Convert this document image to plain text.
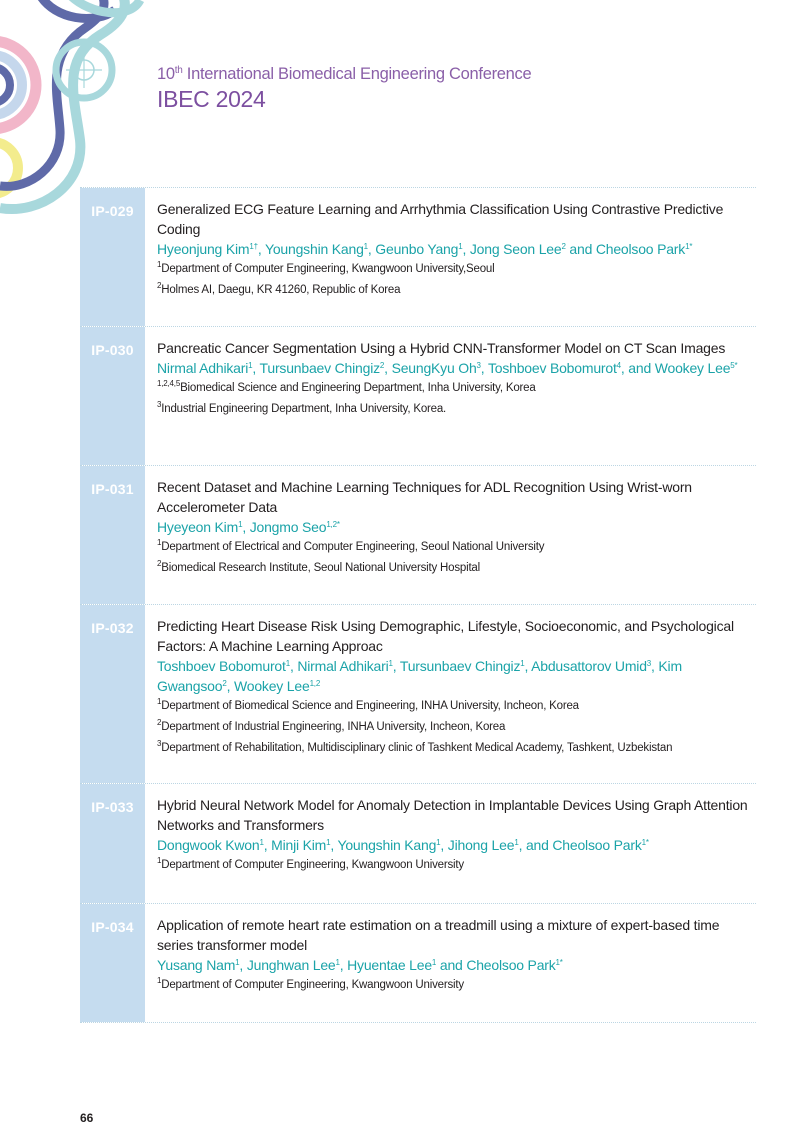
10th International Biomedical Engineering Conference
IBEC 2024
IP-029	Generalized ECG Feature Learning and Arrhythmia Classification Using Contrastive Predictive Coding
Hyeonjung Kim$^{1\dagger}$, Youngshin Kang$^1$, Geunbo Yang$^1$, Jong Seon Lee$^2$ and Cheolsoo Park$^{1*}$
$^1$Department of Computer Engineering, Kwangwoon University,Seoul
$^2$Holmes AI, Daegu, KR 41260, Republic of Korea
IP-030	Pancreatic Cancer Segmentation Using a Hybrid CNN-Transformer Model on CT Scan Images
Nirmal Adhikari$^1$, Tursunbaev Chingiz$^2$, SeungKyu Oh$^3$, Toshboev Bobomurot$^4$, and Wookey Lee$^{5*}$
$^{1,2,4,5}$Biomedical Science and Engineering Department, Inha University, Korea
$^3$Industrial Engineering Department, Inha University, Korea.
IP-031	Recent Dataset and Machine Learning Techniques for ADL Recognition Using Wrist-worn Accelerometer Data
Hyeyeon Kim$^1$, Jongmo Seo$^{1,2*}$
$^1$Department of Electrical and Computer Engineering, Seoul National University
$^2$Biomedical Research Institute, Seoul National University Hospital
IP-032	Predicting Heart Disease Risk Using Demographic, Lifestyle, Socioeconomic, and Psychological Factors: A Machine Learning Approac
Toshboev Bobomurot$^1$, Nirmal Adhikari$^1$, Tursunbaev Chingiz$^1$, Abdusattorov Umid$^3$, Kim Gwangsoo$^2$, Wookey Lee$^{1,2}$
$^1$Department of Biomedical Science and Engineering, INHA University, Incheon, Korea
$^2$Department of Industrial Engineering, INHA University, Incheon, Korea
$^3$Department of Rehabilitation, Multidisciplinary clinic of Tashkent Medical Academy, Tashkent, Uzbekistan
IP-033	Hybrid Neural Network Model for Anomaly Detection in Implantable Devices Using Graph Attention Networks and Transformers
Dongwook Kwon$^1$, Minji Kim$^1$, Youngshin Kang$^1$, Jihong Lee$^1$, and Cheolsoo Park$^{1*}$
$^1$Department of Computer Engineering, Kwangwoon University
IP-034	Application of remote heart rate estimation on a treadmill using a mixture of expert-based time series transformer model
Yusang Nam$^1$, Junghwan Lee$^1$, Hyuentae Lee$^1$ and Cheolsoo Park$^{1*}$
$^1$Department of Computer Engineering, Kwangwoon University
66
